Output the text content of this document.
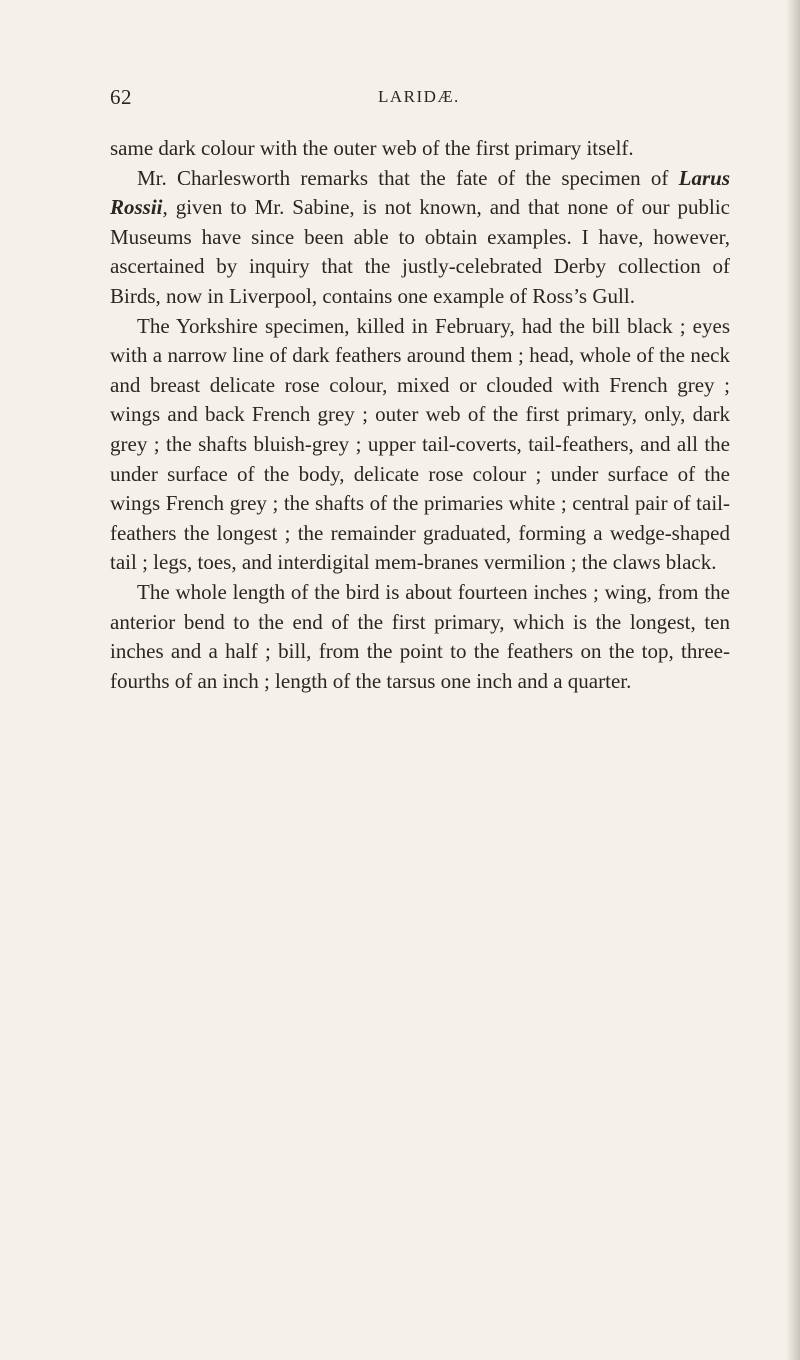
62	LARIDÆ.

same dark colour with the outer web of the first primary itself.

Mr. Charlesworth remarks that the fate of the specimen of Larus Rossii, given to Mr. Sabine, is not known, and that none of our public Museums have since been able to obtain examples. I have, however, ascertained by inquiry that the justly-celebrated Derby collection of Birds, now in Liverpool, contains one example of Ross’s Gull.

The Yorkshire specimen, killed in February, had the bill black ; eyes with a narrow line of dark feathers around them ; head, whole of the neck and breast delicate rose colour, mixed or clouded with French grey ; wings and back French grey ; outer web of the first primary, only, dark grey ; the shafts bluish-grey ; upper tail-coverts, tail-feathers, and all the under surface of the body, delicate rose colour ; under surface of the wings French grey ; the shafts of the primaries white ; central pair of tail-feathers the longest ; the remainder graduated, forming a wedge-shaped tail ; legs, toes, and interdigital mem-branes vermilion ; the claws black.

The whole length of the bird is about fourteen inches ; wing, from the anterior bend to the end of the first primary, which is the longest, ten inches and a half ; bill, from the point to the feathers on the top, three-fourths of an inch ; length of the tarsus one inch and a quarter.
